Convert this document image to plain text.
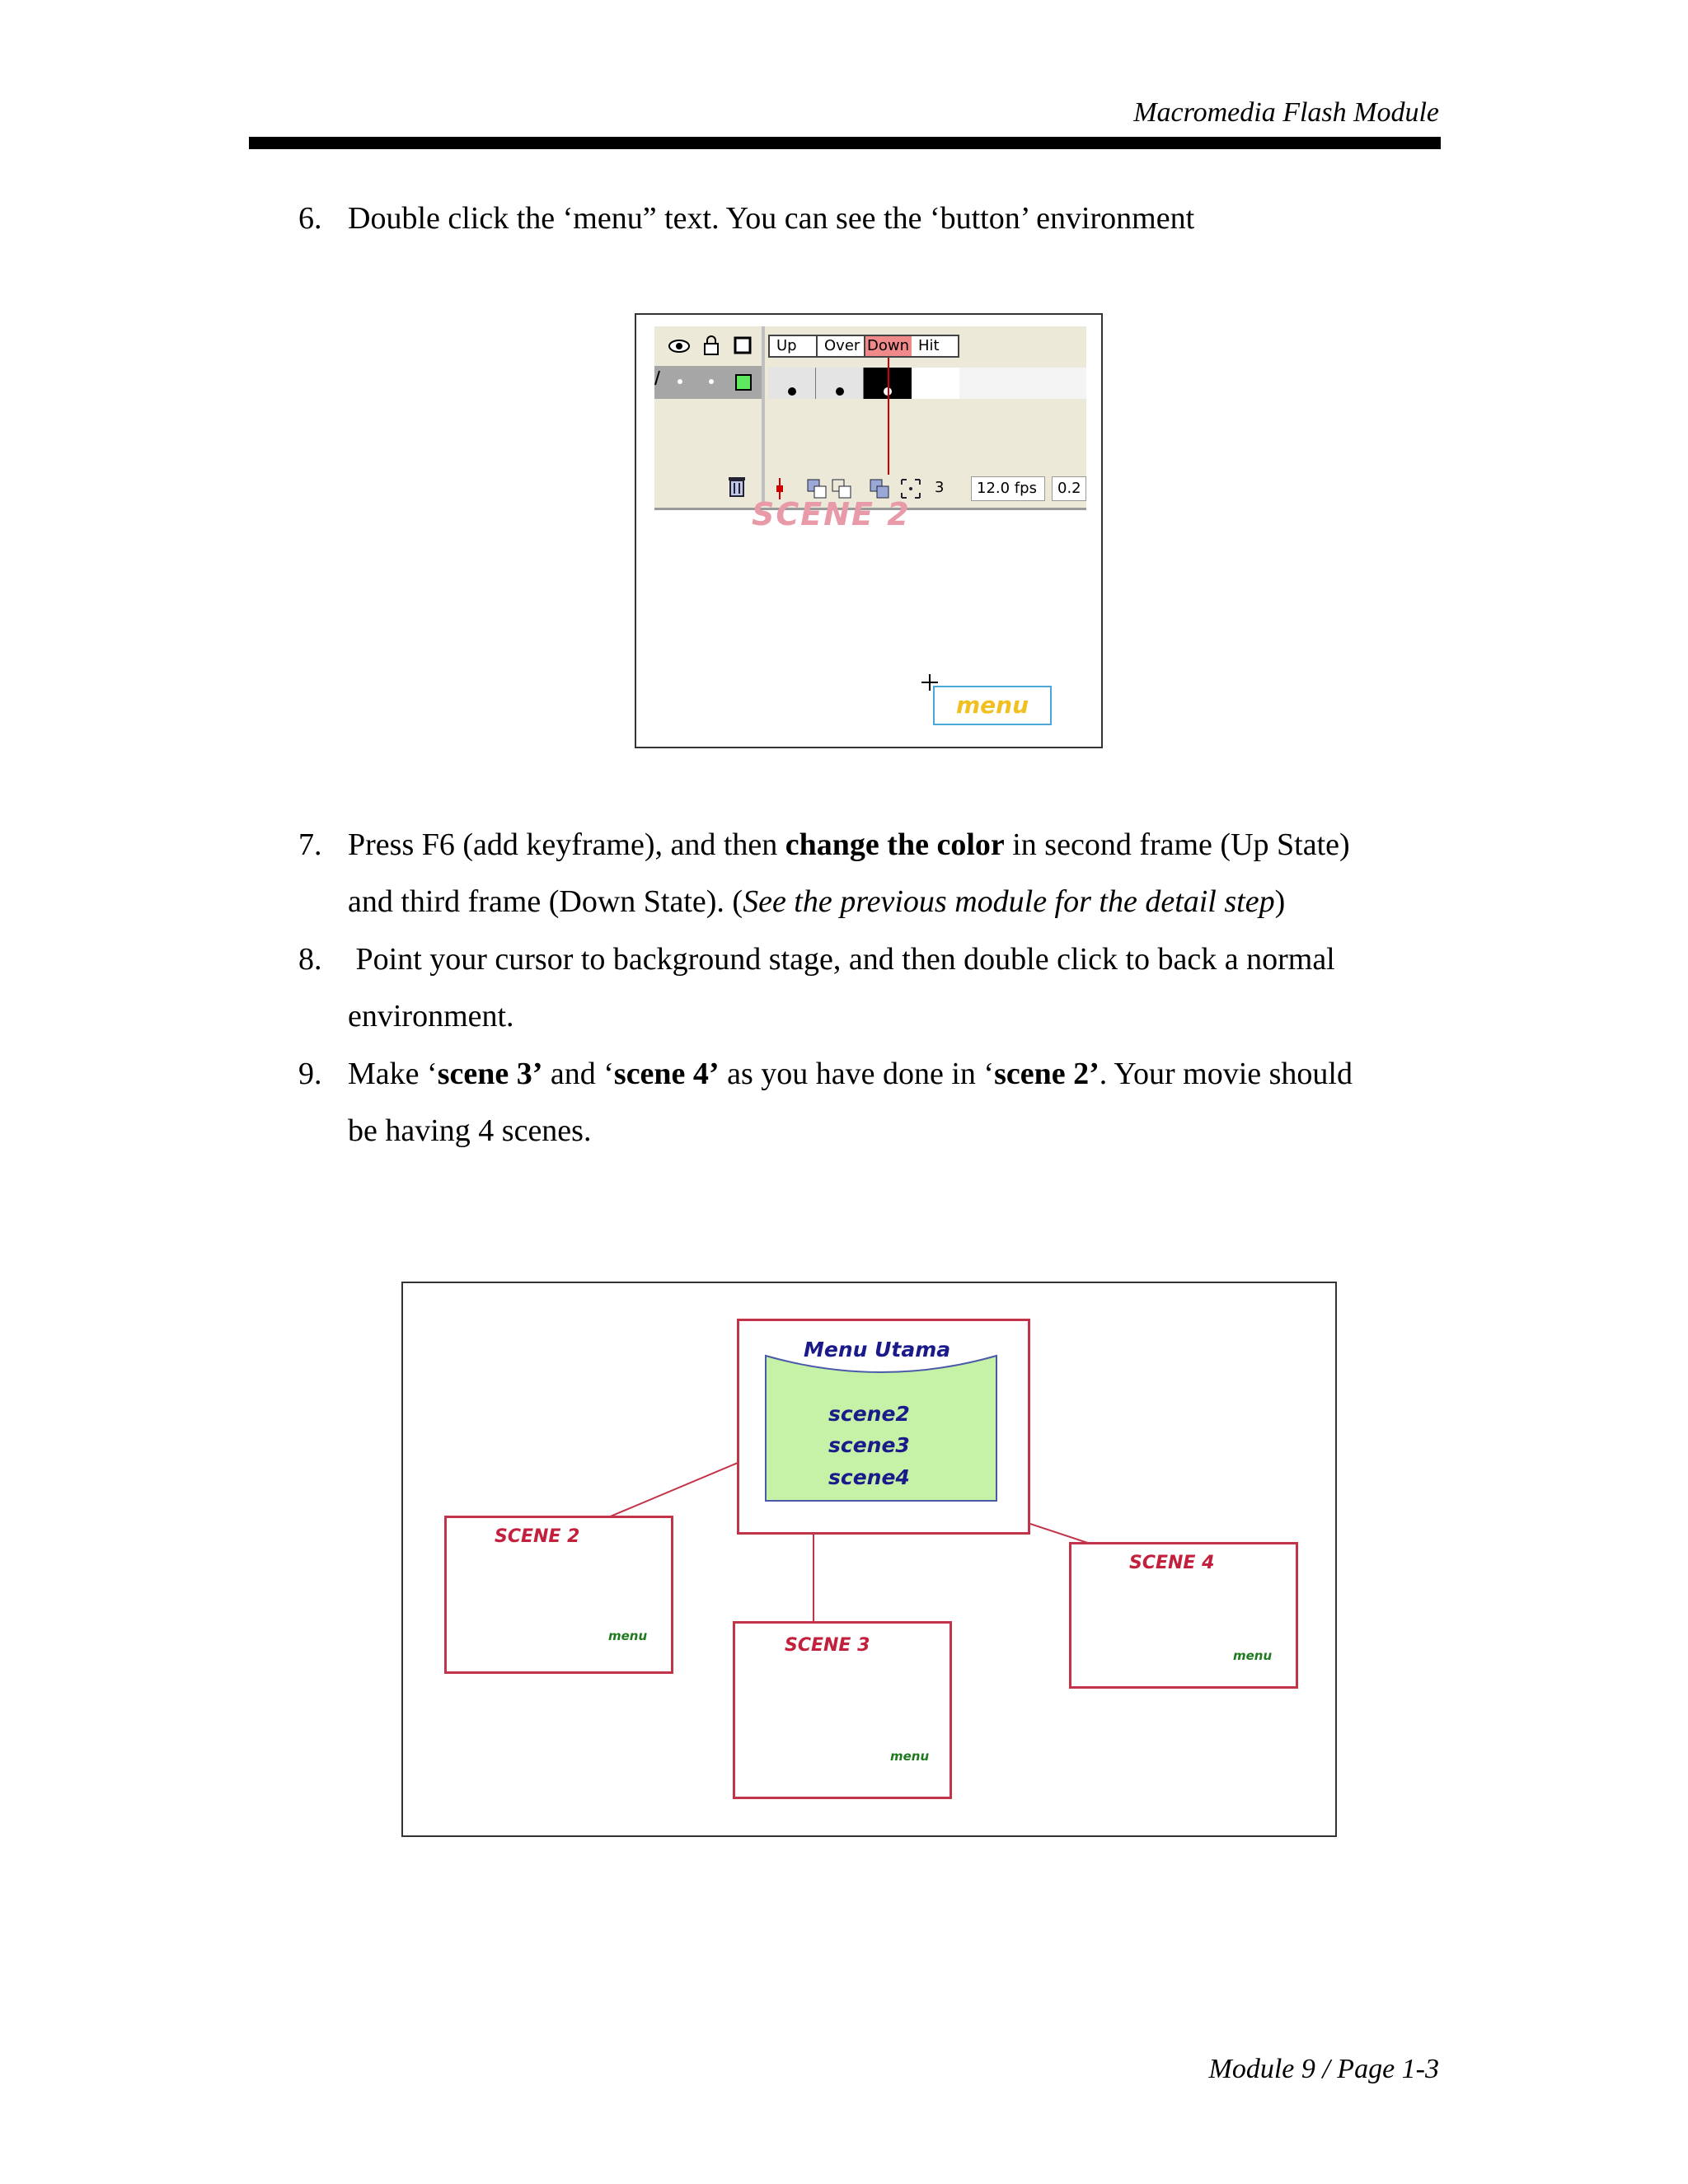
Macromedia Flash Module
6. Double click the ‘menu” text. You can see the ‘button’ environment
Up	Over Down Hit
3	12.0 fps	0.2
SCENE 2
menu
7. Press F6 (add keyframe), and then change the color in second frame (Up State)
and third frame (Down State). (See the previous module for the detail step)
8. Point your cursor to background stage, and then double click to back a normal
environment.
9. Make ‘scene 3’ and ‘scene 4’ as you have done in ‘scene 2’. Your movie should
be having 4 scenes.
Menu Utama
scene2
scene3
scene4
SCENE 2
menu	SCENE 3
menu
SCENE 4
menu
Module 9 / Page 1-3
